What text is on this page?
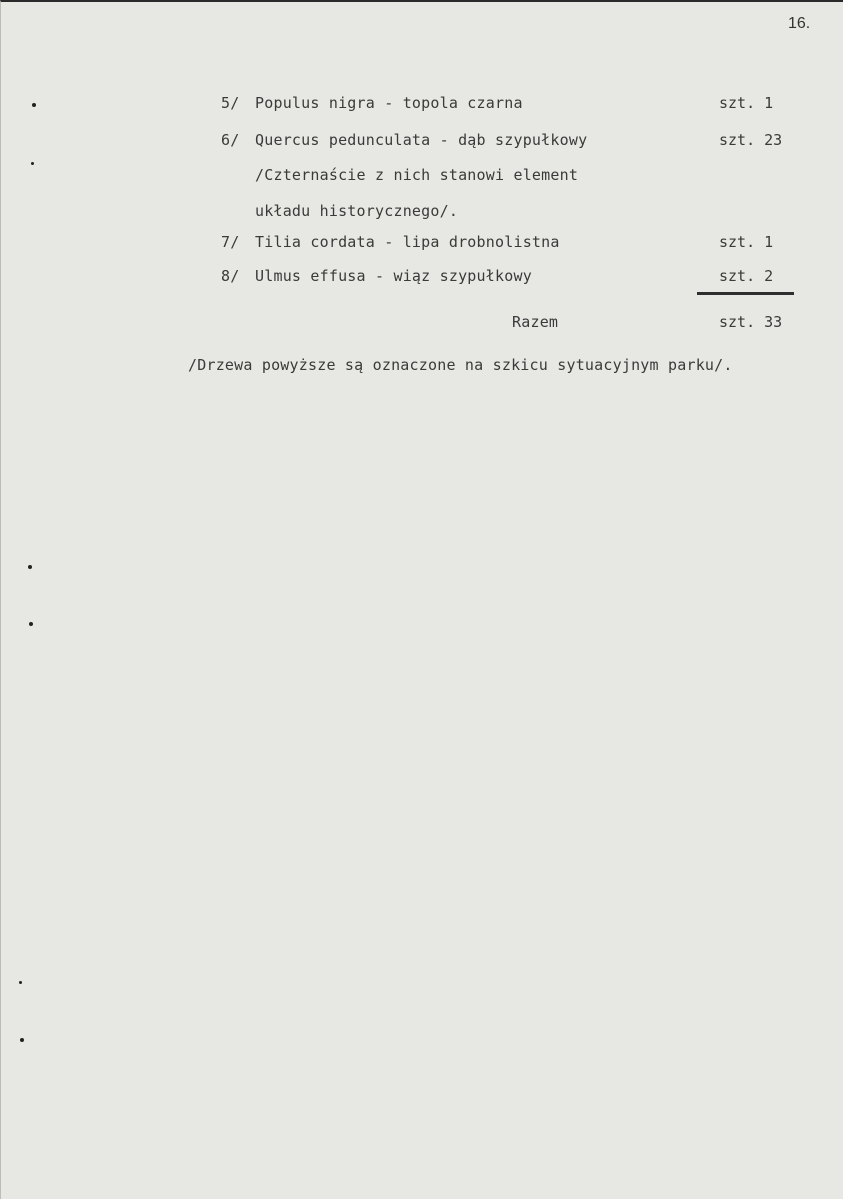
16.
5/ Populus nigra - topola czarna	szt. 1
6/ Quercus pedunculata - dąb szypułkowy	szt. 23
/Czternaście z nich stanowi element
układu historycznego/.
7/ Tilia cordata - lipa drobnolistna	szt. 1
8/ Ulmus effusa - wiąz szypułkowy	szt. 2
Razem	szt. 33
/Drzewa powyższe są oznaczone na szkicu sytuacyjnym parku/.
